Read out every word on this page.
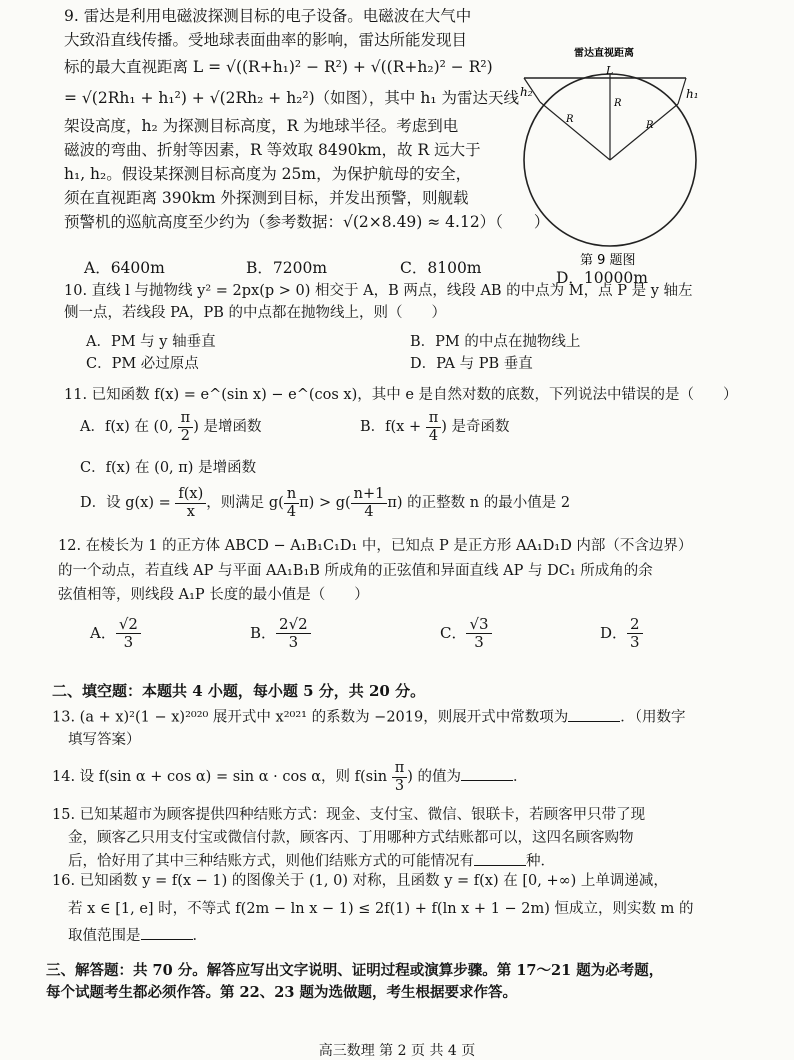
9. 雷达是利用电磁波探测目标的电子设备。电磁波在大气中

大致沿直线传播。受地球表面曲率的影响，雷达所能发现目

标的最大直视距离 L = √((R+h₁)² − R²) + √((R+h₂)² − R²)

= √(2Rh₁ + h₁²) + √(2Rh₂ + h₂²)（如图），其中 h₁ 为雷达天线

架设高度，h₂ 为探测目标高度，R 为地球半径。考虑到电

磁波的弯曲、折射等因素，R 等效取 8490km，故 R 远大于

h₁, h₂。假设某探测目标高度为 25m，为保护航母的安全，

须在直视距离 390km 外探测到目标，并发出预警，则舰载

预警机的巡航高度至少约为（参考数据：√(2×8.49) ≈ 4.12）（　　）

A．6400m	B．7200m	C．8100m
D．10000m
雷达直视距离
L
h₂	h₁
R
R
R
第 9 题图

10. 直线 l 与抛物线 y² = 2px(p > 0) 相交于 A，B 两点，线段 AB 的中点为 M，点 P 是 y 轴左

侧一点，若线段 PA，PB 的中点都在抛物线上，则（　　）

A．PM 与 y 轴垂直	B．PM 的中点在抛物线上
C．PM 必过原点	D．PA 与 PB 垂直

11. 已知函数 f(x) = e^(sin x) − e^(cos x)，其中 e 是自然对数的底数，下列说法中错误的是（　　）

A．f(x) 在 (0, $\frac{\pi}{2}$ ) 是增函数	B．$f(x + \frac{\pi}{4}$ ) 是奇函数
C．f(x) 在 (0, π) 是增函数
D．设 $g(x) = \frac{f(x)}{x}$ ，则满足 $g( \frac{n}{4} \pi) > g( \frac{n+1}{4} \pi)$ 的正整数 n 的最小值是 2

12. 在棱长为 1 的正方体 ABCD − A₁B₁C₁D₁ 中，已知点 P 是正方形 AA₁D₁D 内部（不含边界）

的一个动点，若直线 AP 与平面 AA₁B₁B 所成角的正弦值和异面直线 AP 与 DC₁ 所成角的余

弦值相等，则线段 A₁P 长度的最小值是（　　）

A． $\frac{√2}{3}$	B． $\frac{2√2}{3}$	C． $\frac{√3}{3}$	D． $\frac{2}{3}$

二、填空题：本题共 4 小题，每小题 5 分，共 20 分。

13. (a + x)²(1 − x)²⁰²⁰ 展开式中 x²⁰²¹ 的系数为 −2019，则展开式中常数项为	．（用数字

填写答案）

14. 设 f(sin α + cos α) = sin α · cos α，则 $f(\sin \frac{\pi}{3}$ ) 的值为	．

15. 已知某超市为顾客提供四种结账方式：现金、支付宝、微信、银联卡，若顾客甲只带了现

金，顾客乙只用支付宝或微信付款，顾客丙、丁用哪种方式结账都可以，这四名顾客购物

后，恰好用了其中三种结账方式，则他们结账方式的可能情况有	种．

16. 已知函数 y = f(x − 1) 的图像关于 (1, 0) 对称，且函数 y = f(x) 在 [0, +∞) 上单调递减，

若 x ∈ [1, e] 时，不等式 f(2m − ln x − 1) ≤ 2f(1) + f(ln x + 1 − 2m) 恒成立，则实数 m 的

取值范围是	．

三、解答题：共 70 分。解答应写出文字说明、证明过程或演算步骤。第 17～21 题为必考题，

每个试题考生都必须作答。第 22、23 题为选做题，考生根据要求作答。

高三数理 第 2 页 共 4 页
